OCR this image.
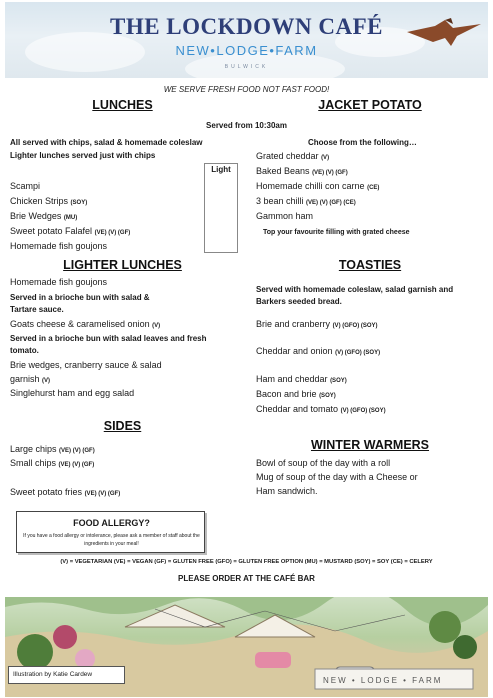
THE LOCKDOWN CAFÉ
NEW•LODGE•FARM
BULWICK
WE SERVE FRESH FOOD NOT FAST FOOD!
LUNCHES	JACKET POTATO
Served from 10:30am
All served with chips, salad & homemade coleslaw
Lighter lunches served just with chips
Light
Scampi
Chicken Strips (SOY)
Brie Wedges (MU)
Sweet potato Falafel (VE) (V) (GF)
Homemade fish goujons
LIGHTER LUNCHES
Homemade fish goujons
Served in a brioche bun with salad &
Tartare sauce.
Goats cheese & caramelised onion (V)
Served in a brioche bun with salad leaves and fresh
tomato.
Brie wedges, cranberry sauce & salad
garnish (V)
Singlehurst ham and egg salad
SIDES
Large chips (VE) (V) (GF)
Small chips (VE) (V) (GF)
Sweet potato fries (VE) (V) (GF)
Choose from the following…
Grated cheddar (V)
Baked Beans (VE) (V) (GF)
Homemade chilli con carne (CE)
3 bean chilli (VE) (V) (GF) (CE)
Gammon ham
Top your favourite filling with grated cheese
TOASTIES
Served with homemade coleslaw, salad garnish and
Barkers seeded bread.
Brie and cranberry (V) (GFO) (SOY)
Cheddar and onion (V) (GFO) (SOY)
Ham and cheddar (SOY)
Bacon and brie (SOY)
Cheddar and tomato (V) (GFO) (SOY)
WINTER WARMERS
Bowl of soup of the day with a roll
Mug of soup of the day with a Cheese or
Ham sandwich.
FOOD ALLERGY?
If you have a food allergy or intolerance, please ask a member of staff about the ingredients in your meal!
(V) = VEGETARIAN (VE) = VEGAN (GF) = GLUTEN FREE (GFO) = GLUTEN FREE OPTION (MU) = MUSTARD (SOY) = SOY (CE) = CELERY
PLEASE ORDER AT THE CAFÉ BAR
NEW • LODGE • FARM
Illustration by Katie Cardew
